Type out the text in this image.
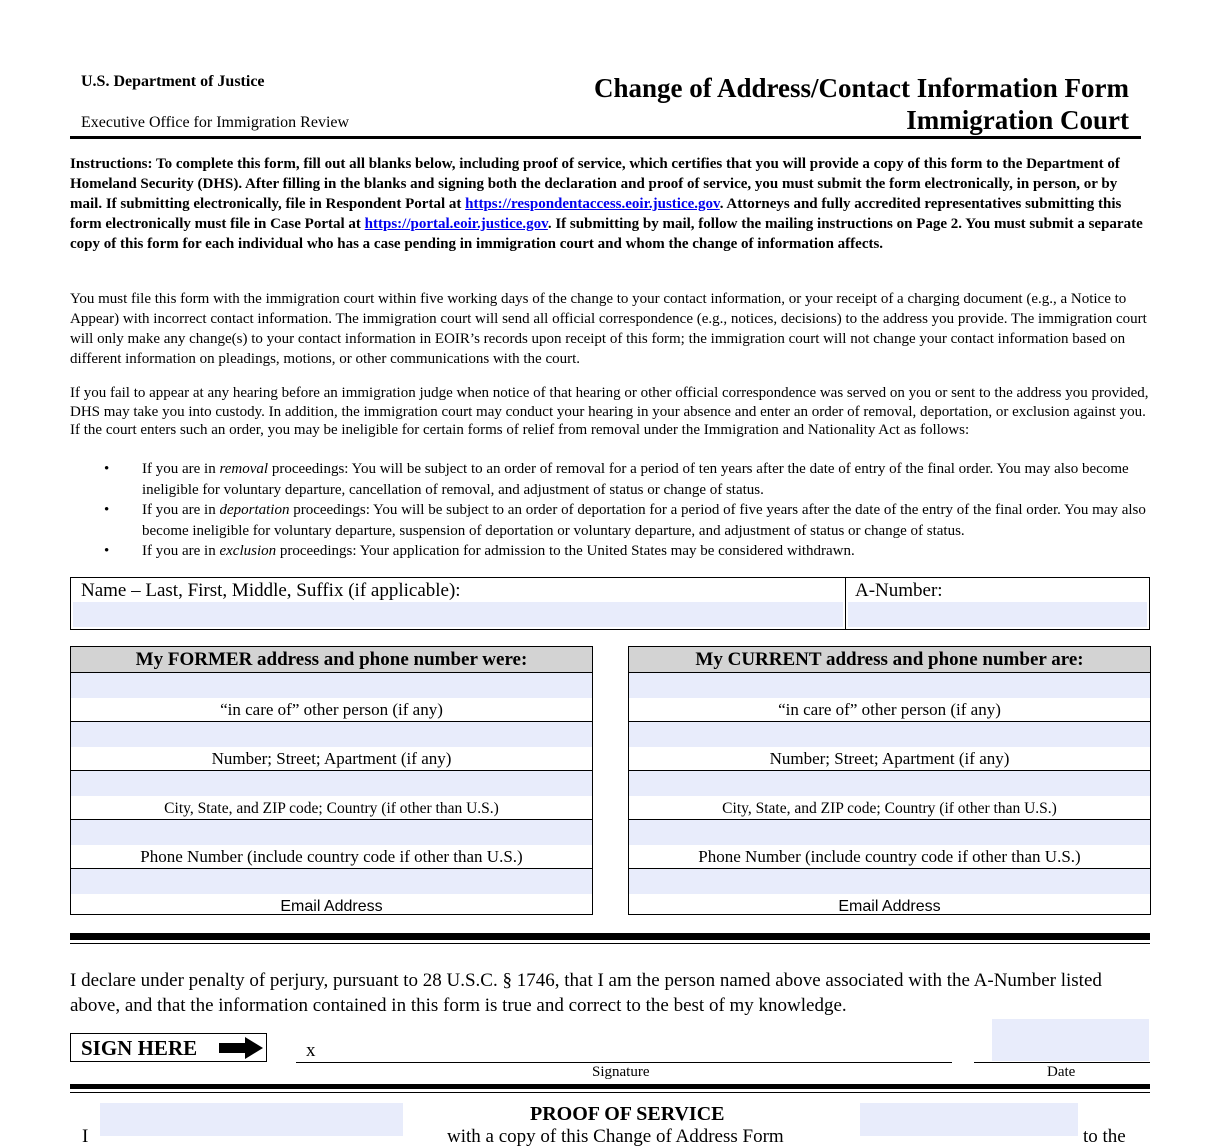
U.S. Department of Justice
Executive Office for Immigration Review
Change of Address/Contact Information Form
Immigration Court
Instructions: To complete this form, fill out all blanks below, including proof of service, which certifies that you will provide a copy of this form to the Department of Homeland Security (DHS). After filling in the blanks and signing both the declaration and proof of service, you must submit the form electronically, in person, or by mail. If submitting electronically, file in Respondent Portal at https://respondentaccess.eoir.justice.gov. Attorneys and fully accredited representatives submitting this form electronically must file in Case Portal at https://portal.eoir.justice.gov. If submitting by mail, follow the mailing instructions on Page 2. You must submit a separate copy of this form for each individual who has a case pending in immigration court and whom the change of information affects.
You must file this form with the immigration court within five working days of the change to your contact information, or your receipt of a charging document (e.g., a Notice to Appear) with incorrect contact information. The immigration court will send all official correspondence (e.g., notices, decisions) to the address you provide. The immigration court will only make any change(s) to your contact information in EOIR’s records upon receipt of this form; the immigration court will not change your contact information based on different information on pleadings, motions, or other communications with the court.
If you fail to appear at any hearing before an immigration judge when notice of that hearing or other official correspondence was served on you or sent to the address you provided, DHS may take you into custody. In addition, the immigration court may conduct your hearing in your absence and enter an order of removal, deportation, or exclusion against you. If the court enters such an order, you may be ineligible for certain forms of relief from removal under the Immigration and Nationality Act as follows:
• If you are in removal proceedings: You will be subject to an order of removal for a period of ten years after the date of entry of the final order. You may also become ineligible for voluntary departure, cancellation of removal, and adjustment of status or change of status.
• If you are in deportation proceedings: You will be subject to an order of deportation for a period of five years after the date of the entry of the final order. You may also become ineligible for voluntary departure, suspension of deportation or voluntary departure, and adjustment of status or change of status.
• If you are in exclusion proceedings: Your application for admission to the United States may be considered withdrawn.
Name – Last, First, Middle, Suffix (if applicable):	A-Number:
My FORMER address and phone number were:
“in care of” other person (if any)
Number; Street; Apartment (if any)
City, State, and ZIP code; Country (if other than U.S.)
Phone Number (include country code if other than U.S.)
Email Address
My CURRENT address and phone number are:
“in care of” other person (if any)
Number; Street; Apartment (if any)
City, State, and ZIP code; Country (if other than U.S.)
Phone Number (include country code if other than U.S.)
Email Address
I declare under penalty of perjury, pursuant to 28 U.S.C. § 1746, that I am the person named above associated with the A-Number listed above, and that the information contained in this form is true and correct to the best of my knowledge.
SIGN HERE	x
Signature	Date
PROOF OF SERVICE
I	with a copy of this Change of Address Form	to the
